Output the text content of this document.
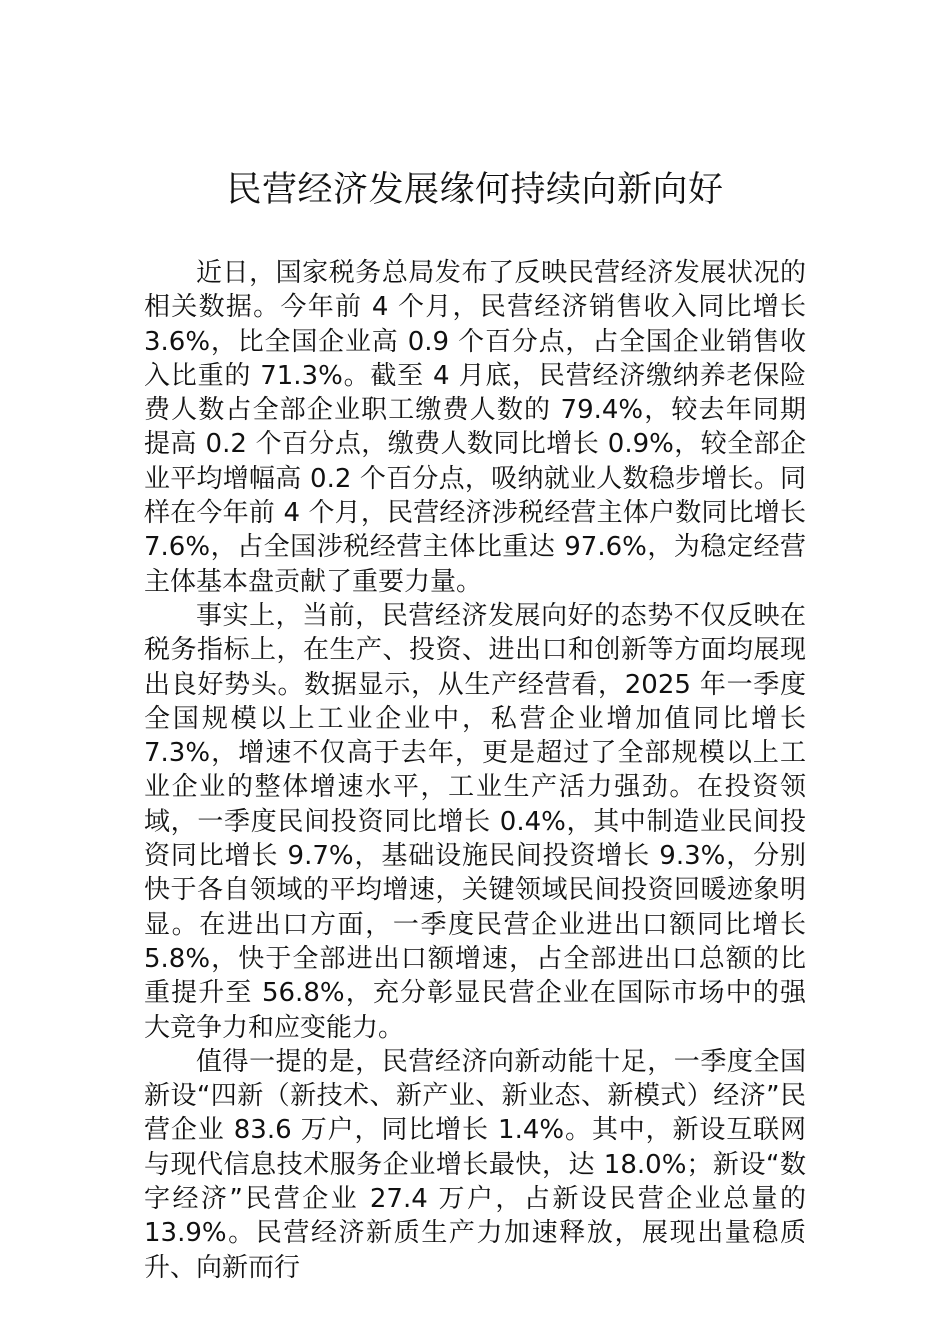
民营经济发展缘何持续向新向好

近日，国家税务总局发布了反映民营经济发展状况的相关数据。今年前 4 个月，民营经济销售收入同比增长 3.6%，比全国企业高 0.9 个百分点，占全国企业销售收入比重的 71.3%。截至 4 月底，民营经济缴纳养老保险费人数占全部企业职工缴费人数的 79.4%，较去年同期提高 0.2 个百分点，缴费人数同比增长 0.9%，较全部企业平均增幅高 0.2 个百分点，吸纳就业人数稳步增长。同样在今年前 4 个月，民营经济涉税经营主体户数同比增长 7.6%，占全国涉税经营主体比重达 97.6%，为稳定经营主体基本盘贡献了重要力量。

事实上，当前，民营经济发展向好的态势不仅反映在税务指标上，在生产、投资、进出口和创新等方面均展现出良好势头。数据显示，从生产经营看，2025 年一季度全国规模以上工业企业中，私营企业增加值同比增长 7.3%，增速不仅高于去年，更是超过了全部规模以上工业企业的整体增速水平，工业生产活力强劲。在投资领域，一季度民间投资同比增长 0.4%，其中制造业民间投资同比增长 9.7%，基础设施民间投资增长 9.3%，分别快于各自领域的平均增速，关键领域民间投资回暖迹象明显。在进出口方面，一季度民营企业进出口额同比增长 5.8%，快于全部进出口额增速，占全部进出口总额的比重提升至 56.8%，充分彰显民营企业在国际市场中的强大竞争力和应变能力。

值得一提的是，民营经济向新动能十足，一季度全国新设“四新（新技术、新产业、新业态、新模式）经济”民营企业 83.6 万户，同比增长 1.4%。其中，新设互联网与现代信息技术服务企业增长最快，达 18.0%；新设“数字经济”民营企业 27.4 万户，占新设民营企业总量的 13.9%。民营经济新质生产力加速释放，展现出量稳质升、向新而行
